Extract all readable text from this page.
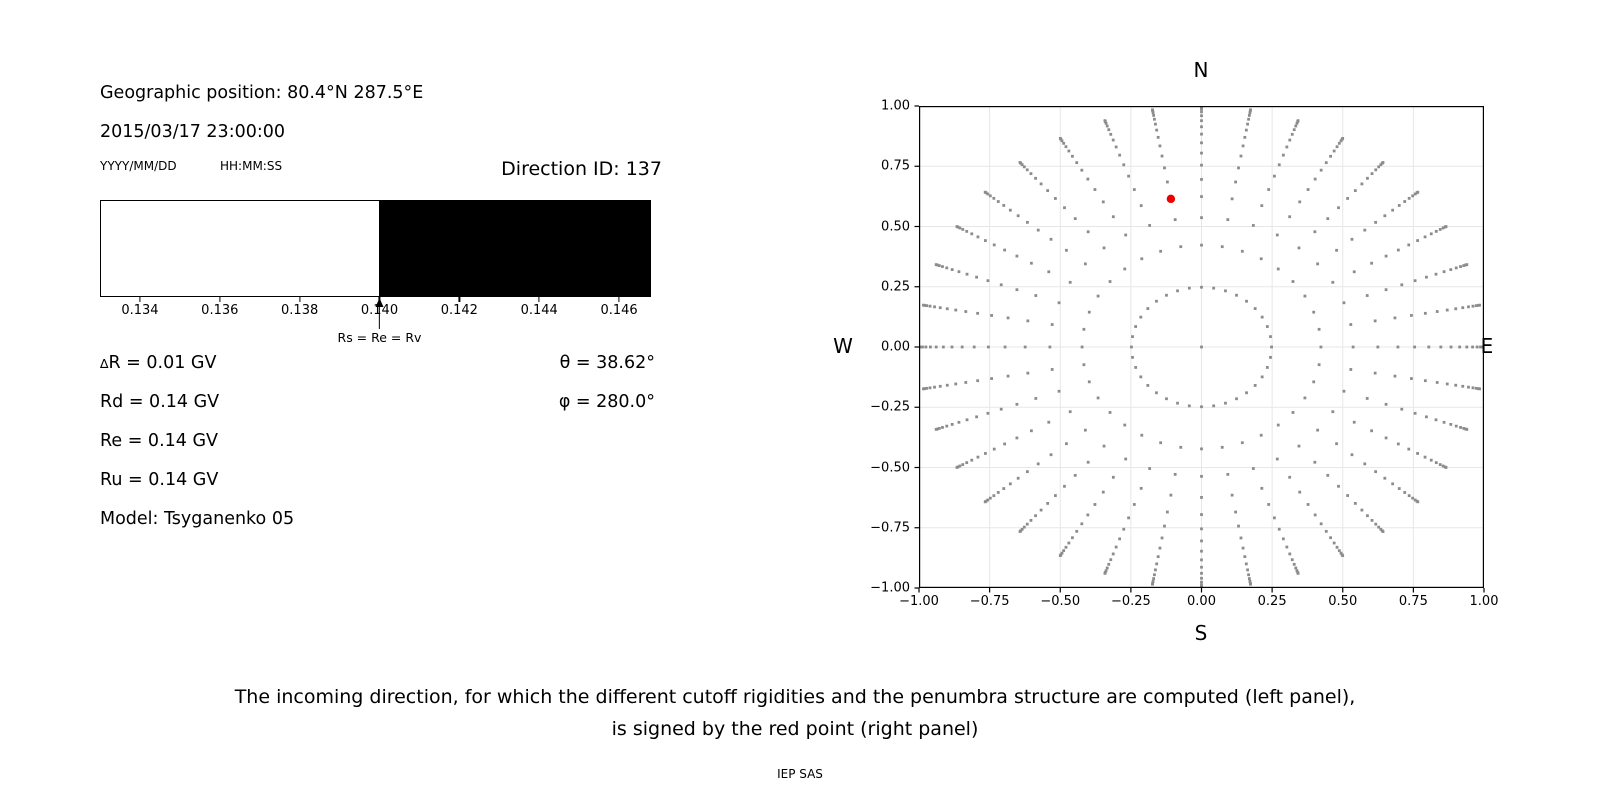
Geographic position: 80.4°N 287.5°E
2015/03/17 23:00:00
YYYY/MM/DD	HH:MM:SS	Direction ID: 137
Rs = Re = Rv
0.134	0.136	0.138	0.140	0.142	0.144	0.146
N
S
W	E
−1.00 −0.75 −0.50 −0.25	0.00	0.25	0.50	0.75	1.00
1.00
0.75
0.50
0.25
0.00
−0.25
−0.50
−0.75
−1.00
The incoming direction, for which the different cutoff rigidities and the penumbra structure are computed (left panel),
is signed by the red point (right panel)
IEP SAS
∆R = 0.01 GV
Rd = 0.14 GV
Re = 0.14 GV
Ru = 0.14 GV
Model: Tsyganenko 05
θ = 38.62°
φ = 280.0°
